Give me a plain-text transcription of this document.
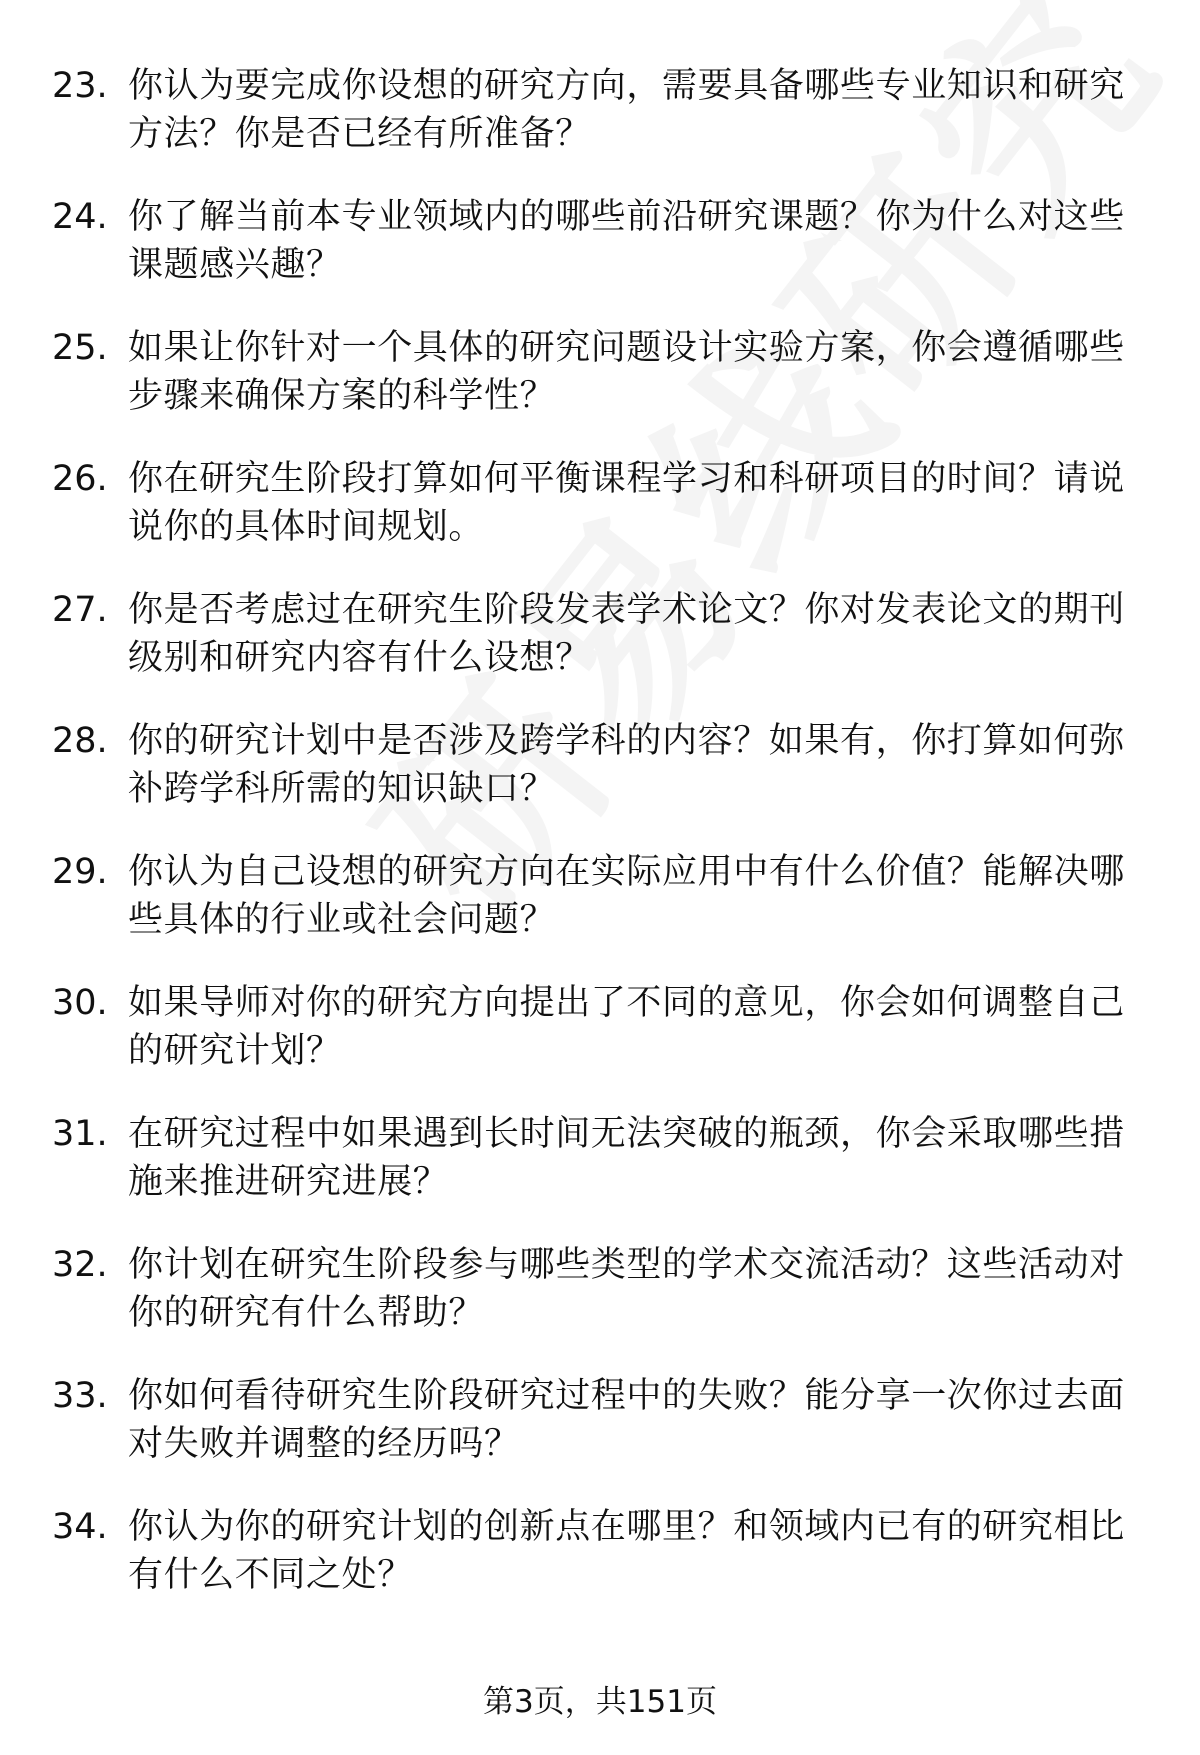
23. 你认为要完成你设想的研究方向，需要具备哪些专业知识和研究方法？你是否已经有所准备？
24. 你了解当前本专业领域内的哪些前沿研究课题？你为什么对这些课题感兴趣？
25. 如果让你针对一个具体的研究问题设计实验方案，你会遵循哪些步骤来确保方案的科学性？
26. 你在研究生阶段打算如何平衡课程学习和科研项目的时间？请说说你的具体时间规划。
27. 你是否考虑过在研究生阶段发表学术论文？你对发表论文的期刊级别和研究内容有什么设想？
28. 你的研究计划中是否涉及跨学科的内容？如果有，你打算如何弥补跨学科所需的知识缺口？
29. 你认为自己设想的研究方向在实际应用中有什么价值？能解决哪些具体的行业或社会问题？
30. 如果导师对你的研究方向提出了不同的意见，你会如何调整自己的研究计划？
31. 在研究过程中如果遇到长时间无法突破的瓶颈，你会采取哪些措施来推进研究进展？
32. 你计划在研究生阶段参与哪些类型的学术交流活动？这些活动对你的研究有什么帮助？
33. 你如何看待研究生阶段研究过程中的失败？能分享一次你过去面对失败并调整的经历吗？
34. 你认为你的研究计划的创新点在哪里？和领域内已有的研究相比有什么不同之处？
第3页，共151页
